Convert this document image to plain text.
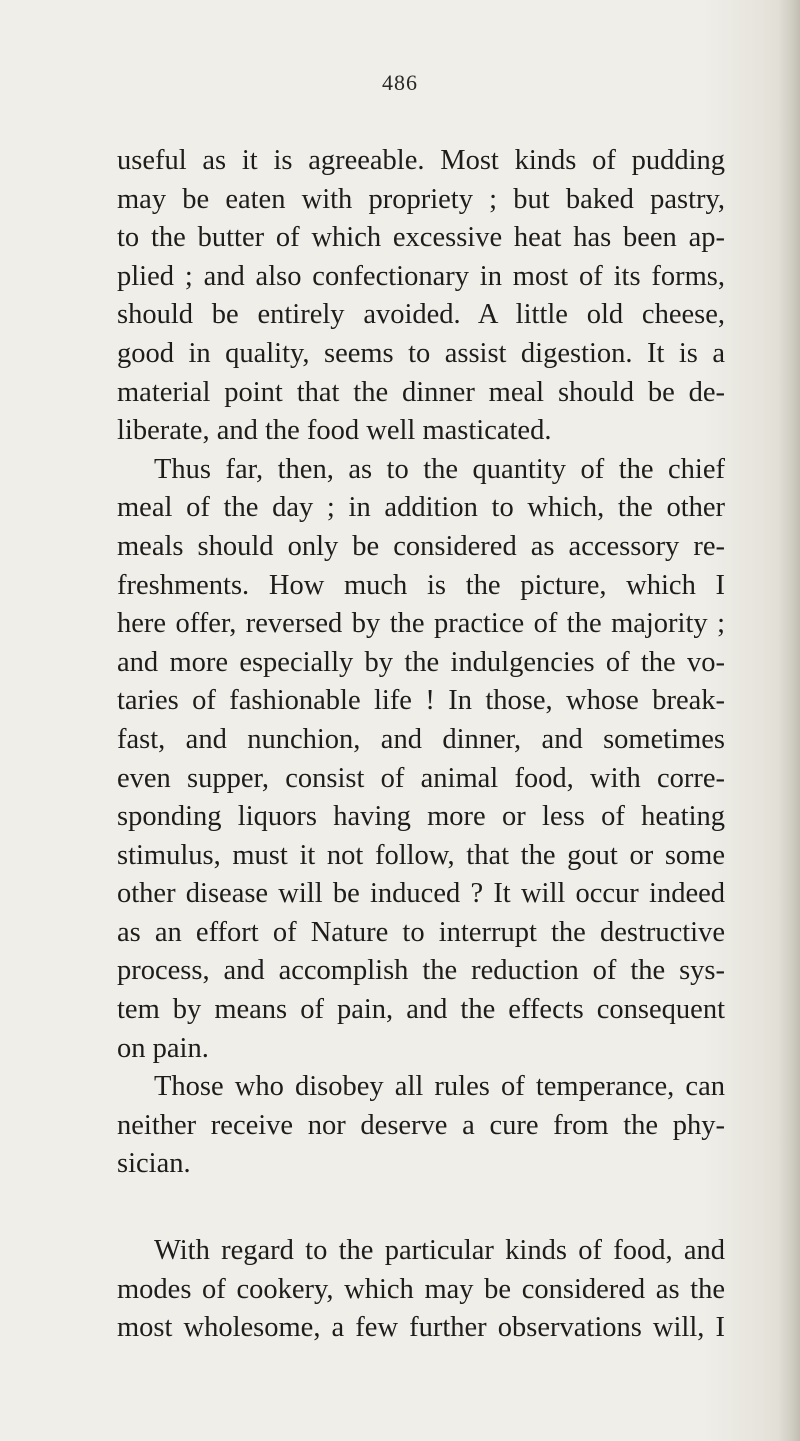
486
useful as it is agreeable. Most kinds of pudding
may be eaten with propriety ; but baked pastry,
to the butter of which excessive heat has been ap-
plied ; and also confectionary in most of its forms,
should be entirely avoided. A little old cheese,
good in quality, seems to assist digestion. It is a
material point that the dinner meal should be de-
liberate, and the food well masticated.
Thus far, then, as to the quantity of the chief
meal of the day ; in addition to which, the other
meals should only be considered as accessory re-
freshments. How much is the picture, which I
here offer, reversed by the practice of the majority ;
and more especially by the indulgencies of the vo-
taries of fashionable life ! In those, whose break-
fast, and nunchion, and dinner, and sometimes
even supper, consist of animal food, with corre-
sponding liquors having more or less of heating
stimulus, must it not follow, that the gout or some
other disease will be induced ? It will occur indeed
as an effort of Nature to interrupt the destructive
process, and accomplish the reduction of the sys-
tem by means of pain, and the effects consequent
on pain.
Those who disobey all rules of temperance, can
neither receive nor deserve a cure from the phy-
sician.
With regard to the particular kinds of food, and
modes of cookery, which may be considered as the
most wholesome, a few further observations will, I
